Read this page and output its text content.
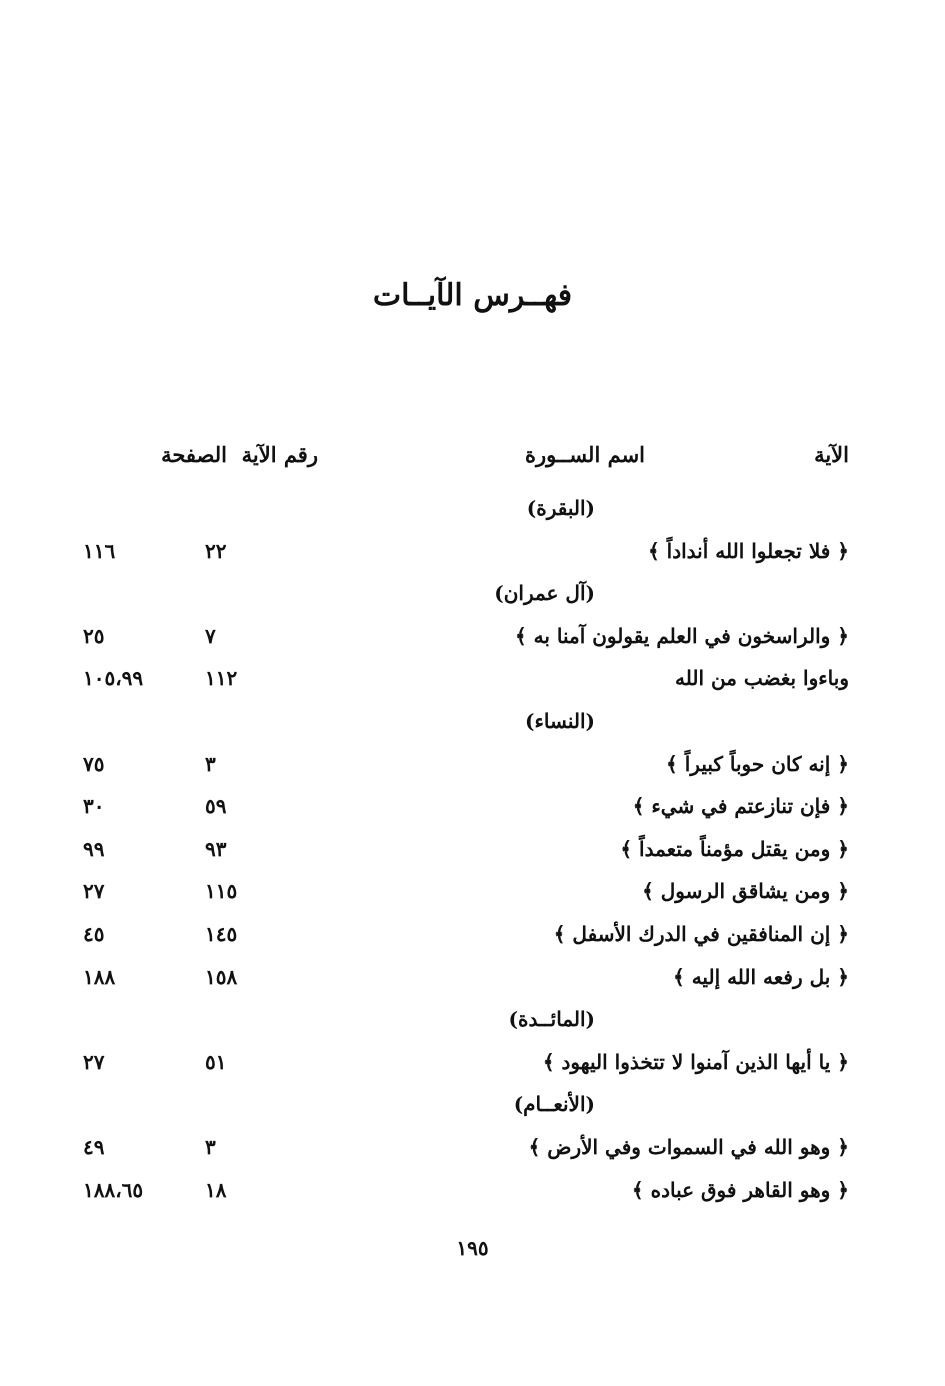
فهــرس الآيــات
الآية
اسم الســورة
رقم الآية
الصفحة
(البقرة)
﴿ فلا تجعلوا الله أنداداً ﴾
٢٢
١١٦
(آل عمران)
﴿ والراسخون في العلم يقولون آمنا به ﴾
٧
٢٥
وباءوا بغضب من الله
١١٢
١٠٥،٩٩
(النساء)
﴿ إنه كان حوباً كبيراً ﴾
٣
٧٥
﴿ فإن تنازعتم في شيء ﴾
٥٩
٣٠
﴿ ومن يقتل مؤمناً متعمداً ﴾
٩٣
٩٩
﴿ ومن يشاقق الرسول ﴾
١١٥
٢٧
﴿ إن المنافقين في الدرك الأسفل ﴾
١٤٥
٤٥
﴿ بل رفعه الله إليه ﴾
١٥٨
١٨٨
(المائــدة)
﴿ يا أيها الذين آمنوا لا تتخذوا اليهود ﴾
٥١
٢٧
(الأنعــام)
﴿ وهو الله في السموات وفي الأرض ﴾
٣
٤٩
﴿ وهو القاهر فوق عباده ﴾
١٨
١٨٨،٦٥
١٩٥
